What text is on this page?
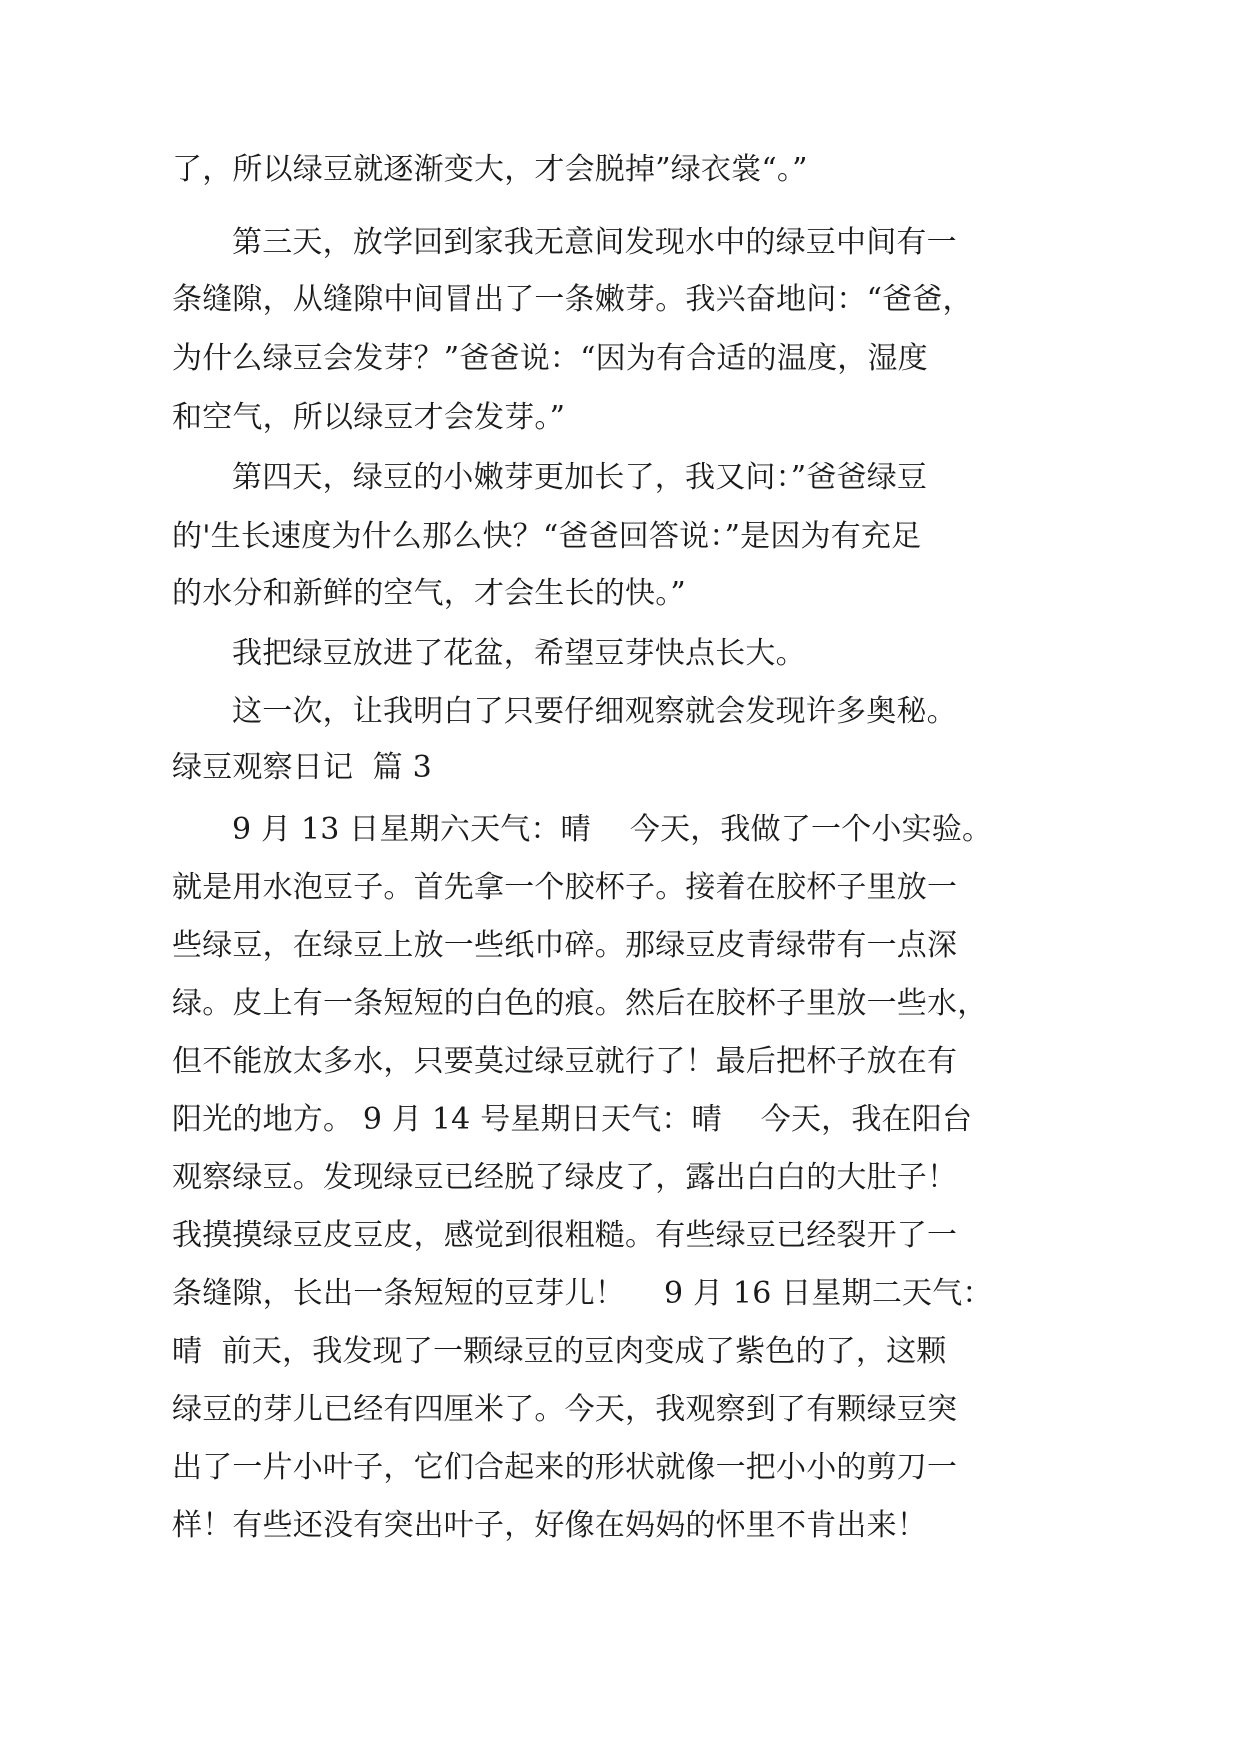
了，所以绿豆就逐渐变大，才会脱掉”绿衣裳“。”
第三天，放学回到家我无意间发现水中的绿豆中间有一
条缝隙，从缝隙中间冒出了一条嫩芽。我兴奋地问：“爸爸，
为什么绿豆会发芽？”爸爸说：“因为有合适的温度，湿度
和空气，所以绿豆才会发芽。”
第四天，绿豆的小嫩芽更加长了，我又问：”爸爸绿豆
的'生长速度为什么那么快？“爸爸回答说：”是因为有充足
的水分和新鲜的空气，才会生长的快。”
我把绿豆放进了花盆，希望豆芽快点长大。
这一次，让我明白了只要仔细观察就会发现许多奥秘。
绿豆观察日记  篇 3
9 月 13 日星期六天气：晴    今天，我做了一个小实验。
就是用水泡豆子。首先拿一个胶杯子。接着在胶杯子里放一
些绿豆，在绿豆上放一些纸巾碎。那绿豆皮青绿带有一点深
绿。皮上有一条短短的白色的痕。然后在胶杯子里放一些水，
但不能放太多水，只要莫过绿豆就行了！最后把杯子放在有
阳光的地方。 9 月 14 号星期日天气：晴    今天，我在阳台
观察绿豆。发现绿豆已经脱了绿皮了，露出白白的大肚子！
我摸摸绿豆皮豆皮，感觉到很粗糙。有些绿豆已经裂开了一
条缝隙，长出一条短短的豆芽儿！    9 月 16 日星期二天气：
晴  前天，我发现了一颗绿豆的豆肉变成了紫色的了，这颗
绿豆的芽儿已经有四厘米了。今天，我观察到了有颗绿豆突
出了一片小叶子，它们合起来的形状就像一把小小的剪刀一
样！有些还没有突出叶子，好像在妈妈的怀里不肯出来！
